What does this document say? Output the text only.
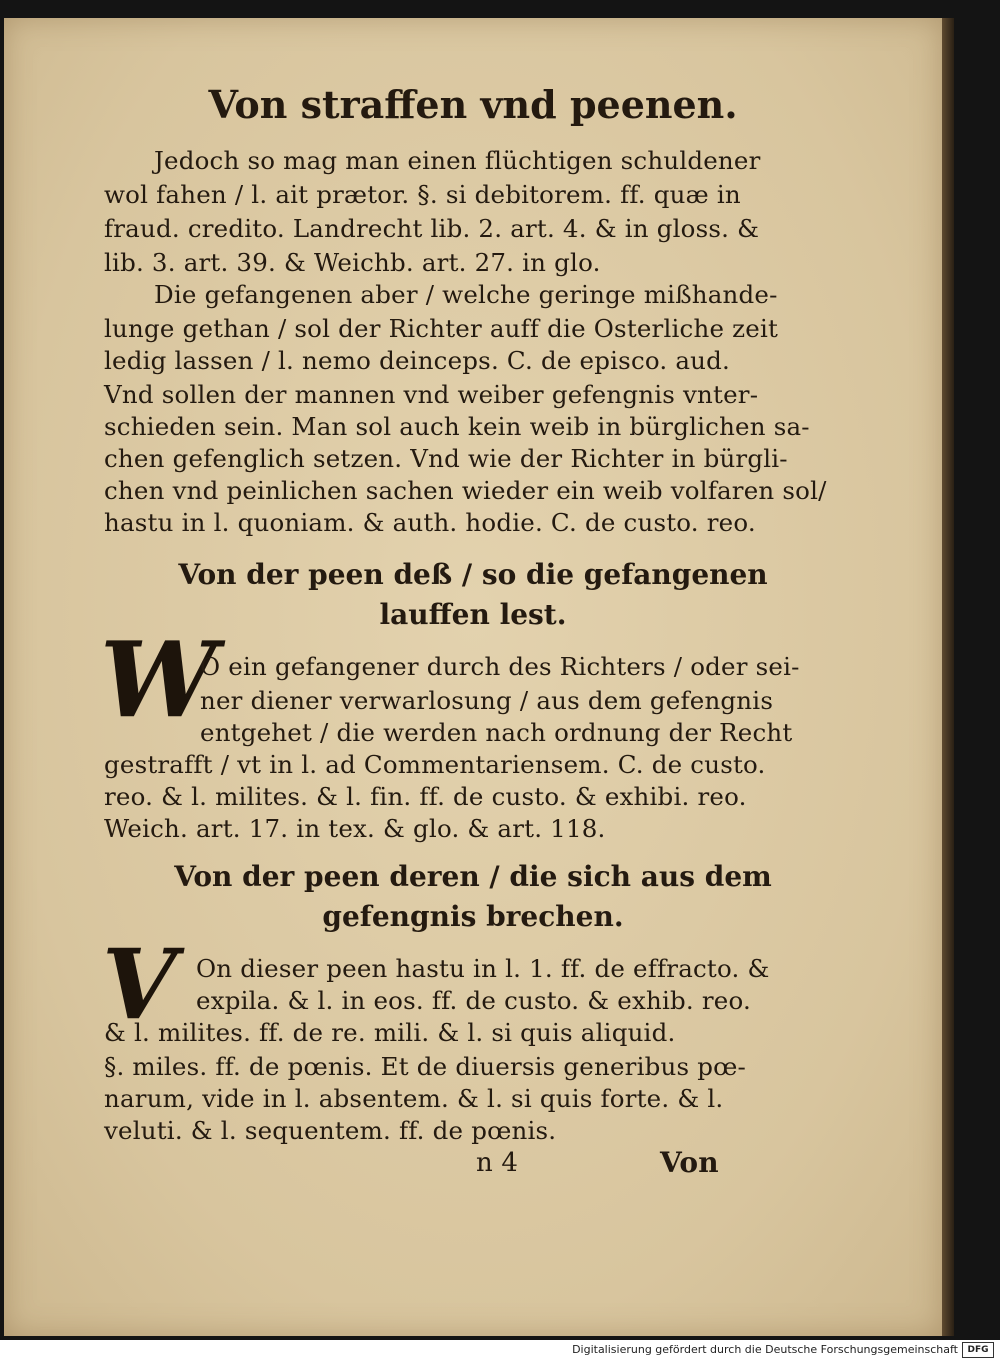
Von straffen vnd peenen.
Jedoch so mag man einen flüchtigen schuldener
wol fahen / l. ait prætor. §. si debitorem. ff. quæ in
fraud. credito. Landrecht lib. 2. art. 4. & in gloss. &
lib. 3. art. 39. & Weichb. art. 27. in glo.
Die gefangenen aber / welche geringe mißhande-
lunge gethan / sol der Richter auff die Osterliche zeit
ledig lassen / l. nemo deinceps. C. de episco. aud.
Vnd sollen der mannen vnd weiber gefengnis vnter-
schieden sein. Man sol auch kein weib in bürglichen sa-
chen gefenglich setzen. Vnd wie der Richter in bürgli-
chen vnd peinlichen sachen wieder ein weib volfaren sol/
hastu in l. quoniam. & auth. hodie. C. de custo. reo.
Von der peen deß / so die gefangenen
lauffen lest.
W
O ein gefangener durch des Richters / oder sei-
ner diener verwarlosung / aus dem gefengnis
entgehet / die werden nach ordnung der Recht
gestrafft / vt in l. ad Commentariensem. C. de custo.
reo. & l. milites. & l. fin. ff. de custo. & exhibi. reo.
Weich. art. 17. in tex. & glo. & art. 118.
Von der peen deren / die sich aus dem
gefengnis brechen.
V On dieser peen hastu in l. 1. ff. de effracto. &
expila. & l. in eos. ff. de custo. & exhib. reo.
& l. milites. ff. de re. mili. & l. si quis aliquid.
§. miles. ff. de pœnis. Et de diuersis generibus pœ-
narum, vide in l. absentem. & l. si quis forte. & l.
veluti. & l. sequentem. ff. de pœnis.
n 4	Von
Digitalisierung gefördert durch die Deutsche Forschungsgemeinschaft	DFG
